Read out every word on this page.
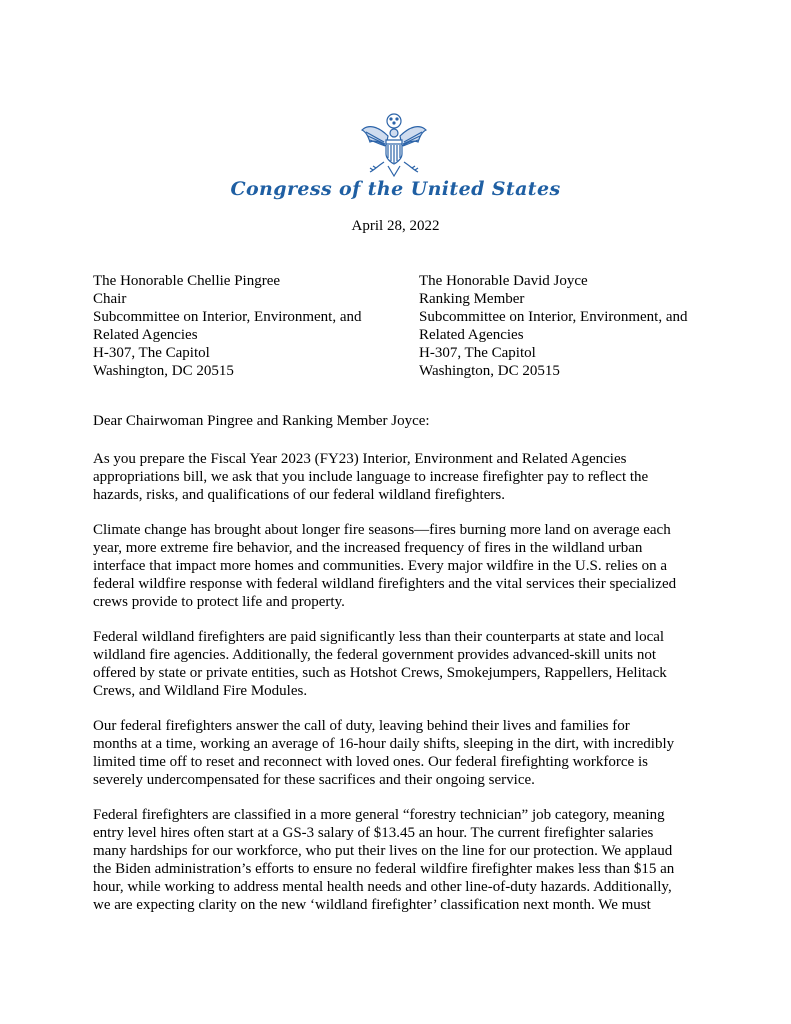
Congress of the United States
April 28, 2022
The Honorable Chellie Pingree
Chair
Subcommittee on Interior, Environment, and
Related Agencies
H-307, The Capitol
Washington, DC 20515
The Honorable David Joyce
Ranking Member
Subcommittee on Interior, Environment, and
Related Agencies
H-307, The Capitol
Washington, DC 20515
Dear Chairwoman Pingree and Ranking Member Joyce:

As you prepare the Fiscal Year 2023 (FY23) Interior, Environment and Related Agencies
appropriations bill, we ask that you include language to increase firefighter pay to reflect the
hazards, risks, and qualifications of our federal wildland firefighters.

Climate change has brought about longer fire seasons—fires burning more land on average each
year, more extreme fire behavior, and the increased frequency of fires in the wildland urban
interface that impact more homes and communities. Every major wildfire in the U.S. relies on a
federal wildfire response with federal wildland firefighters and the vital services their specialized
crews provide to protect life and property.

Federal wildland firefighters are paid significantly less than their counterparts at state and local
wildland fire agencies. Additionally, the federal government provides advanced-skill units not
offered by state or private entities, such as Hotshot Crews, Smokejumpers, Rappellers, Helitack
Crews, and Wildland Fire Modules.

Our federal firefighters answer the call of duty, leaving behind their lives and families for
months at a time, working an average of 16-hour daily shifts, sleeping in the dirt, with incredibly
limited time off to reset and reconnect with loved ones. Our federal firefighting workforce is
severely undercompensated for these sacrifices and their ongoing service.

Federal firefighters are classified in a more general “forestry technician” job category, meaning
entry level hires often start at a GS-3 salary of $13.45 an hour. The current firefighter salaries
many hardships for our workforce, who put their lives on the line for our protection. We applaud
the Biden administration’s efforts to ensure no federal wildfire firefighter makes less than $15 an
hour, while working to address mental health needs and other line-of-duty hazards. Additionally,
we are expecting clarity on the new ‘wildland firefighter’ classification next month. We must
